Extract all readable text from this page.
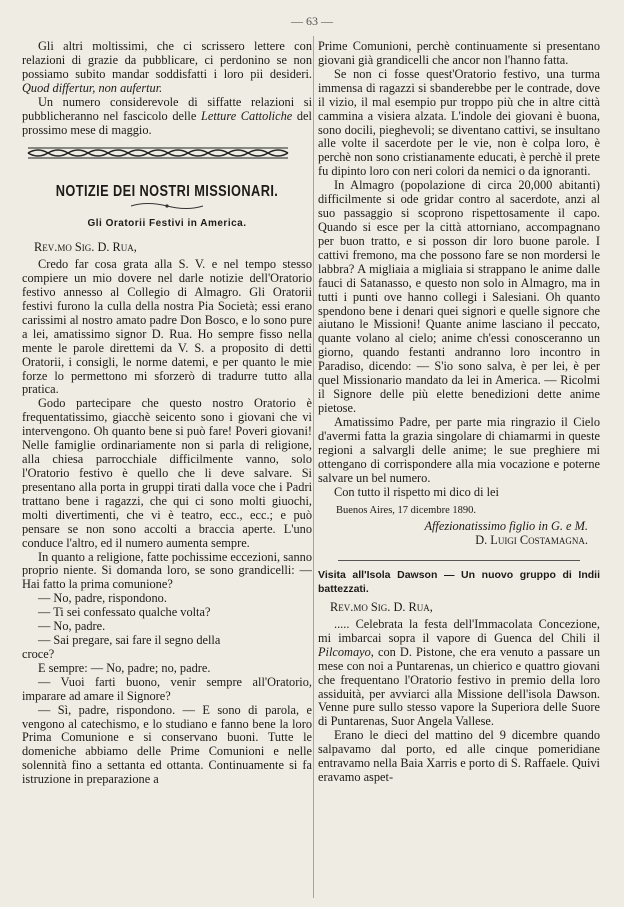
— 63 —

Gli altri moltissimi, che ci scrissero lettere con relazioni di grazie da pubblicare, ci perdonino se non possiamo subito mandar soddisfatti i loro pii desideri. Quod differtur, non aufertur.

Un numero considerevole di siffatte relazioni si pubblicheranno nel fascicolo delle Letture Cattoliche del prossimo mese di maggio.

NOTIZIE DEI NOSTRI MISSIONARI.
Gli Oratorii Festivi in America.

Rev.mo Sig. D. Rua,

Credo far cosa grata alla S. V. e nel tempo stesso compiere un mio dovere nel darle notizie dell'Oratorio festivo annesso al Collegio di Almagro. Gli Oratorii festivi furono la culla della nostra Pia Società; essi erano carissimi al nostro amato padre Don Bosco, e lo sono pure a lei, amatissimo signor D. Rua. Ho sempre fisso nella mente le parole direttemi da V. S. a proposito di detti Oratorii, i consigli, le norme datemi, e per quanto le mie forze lo permettono mi sforzerò di tradurre tutto alla pratica.

Godo partecipare che questo nostro Oratorio è frequentatissimo, giacchè seicento sono i giovani che vi intervengono. Oh quanto bene si può fare! Poveri giovani! Nelle famiglie ordinariamente non si parla di religione, alla chiesa parrocchiale difficilmente vanno, solo l'Oratorio festivo è quello che li deve salvare. Si presentano alla porta in gruppi tirati dalla voce che i Padri trattano bene i ragazzi, che qui ci sono molti giuochi, molti divertimenti, che vi è teatro, ecc., ecc.; e può pensare se non sono accolti a braccia aperte. L'uno conduce l'altro, ed il numero aumenta sempre.

In quanto a religione, fatte pochissime eccezioni, sanno proprio niente. Si domanda loro, se sono grandicelli: — Hai fatto la prima comunione?

— No, padre, rispondono.

— Ti sei confessato qualche volta?

— No, padre.

— Sai pregare, sai fare il segno della

croce?

E sempre: — No, padre; no, padre.

— Vuoi farti buono, venir sempre all'Oratorio, imparare ad amare il Signore?

— Sì, padre, rispondono. — E sono di parola, e vengono al catechismo, e lo studiano e fanno bene la loro Prima Comunione e si conservano buoni. Tutte le domeniche abbiamo delle Prime Comunioni e nelle solennità fino a settanta ed ottanta. Continuamente si fa istruzione in preparazione a

Prime Comunioni, perchè continuamente si presentano giovani già grandicelli che ancor non l'hanno fatta.

Se non ci fosse quest'Oratorio festivo, una turma immensa di ragazzi si sbanderebbe per le contrade, dove il vizio, il mal esempio pur troppo più che in altre città cammina a visiera alzata. L'indole dei giovani è buona, sono docili, pieghevoli; se diventano cattivi, se insultano alle volte il sacerdote per le vie, non è colpa loro, è perchè non sono cristianamente educati, è perchè il prete fu dipinto loro con neri colori da nemici o da ignoranti.

In Almagro (popolazione di circa 20,000 abitanti) difficilmente si ode gridar contro al sacerdote, anzi al suo passaggio si scoprono rispettosamente il capo. Quando si esce per la città attorniano, accompagnano per buon tratto, e si posson dir loro buone parole. I cattivi fremono, ma che possono fare se non mordersi le labbra? A migliaia a migliaia si strappano le anime dalle fauci di Satanasso, e questo non solo in Almagro, ma in tutti i punti ove hanno collegi i Salesiani. Oh quanto spendono bene i denari quei signori e quelle signore che aiutano le Missioni! Quante anime lasciano il peccato, quante volano al cielo; anime ch'essi conosceranno un giorno, quando festanti andranno loro incontro in Paradiso, dicendo: — S'io sono salva, è per lei, è per quel Missionario mandato da lei in America. — Ricolmi il Signore delle più elette benedizioni dette anime pietose.

Amatissimo Padre, per parte mia ringrazio il Cielo d'avermi fatta la grazia singolare di chiamarmi in queste regioni a salvargli delle anime; le sue preghiere mi ottengano di corrispondere alla mia vocazione e poterne salvare un bel numero.

Con tutto il rispetto mi dico di lei

Buenos Aires, 17 dicembre 1890.

Affezionatissimo figlio in G. e M.

D. Luigi Costamagna.

Visita all'Isola Dawson — Un nuovo gruppo di Indii battezzati.

Rev.mo Sig. D. Rua,

..... Celebrata la festa dell'Immacolata Concezione, mi imbarcai sopra il vapore di Guenca del Chili il Pilcomayo, con D. Pistone, che era venuto a passare un mese con noi a Puntarenas, un chierico e quattro giovani che frequentano l'Oratorio festivo in premio della loro assiduità, per avviarci alla Missione dell'isola Dawson. Venne pure sullo stesso vapore la Superiora delle Suore di Puntarenas, Suor Angela Vallese.

Erano le dieci del mattino del 9 dicembre quando salpavamo dal porto, ed alle cinque pomeridiane entravamo nella Baia Xarris e porto di S. Raffaele. Quivi eravamo aspet-
